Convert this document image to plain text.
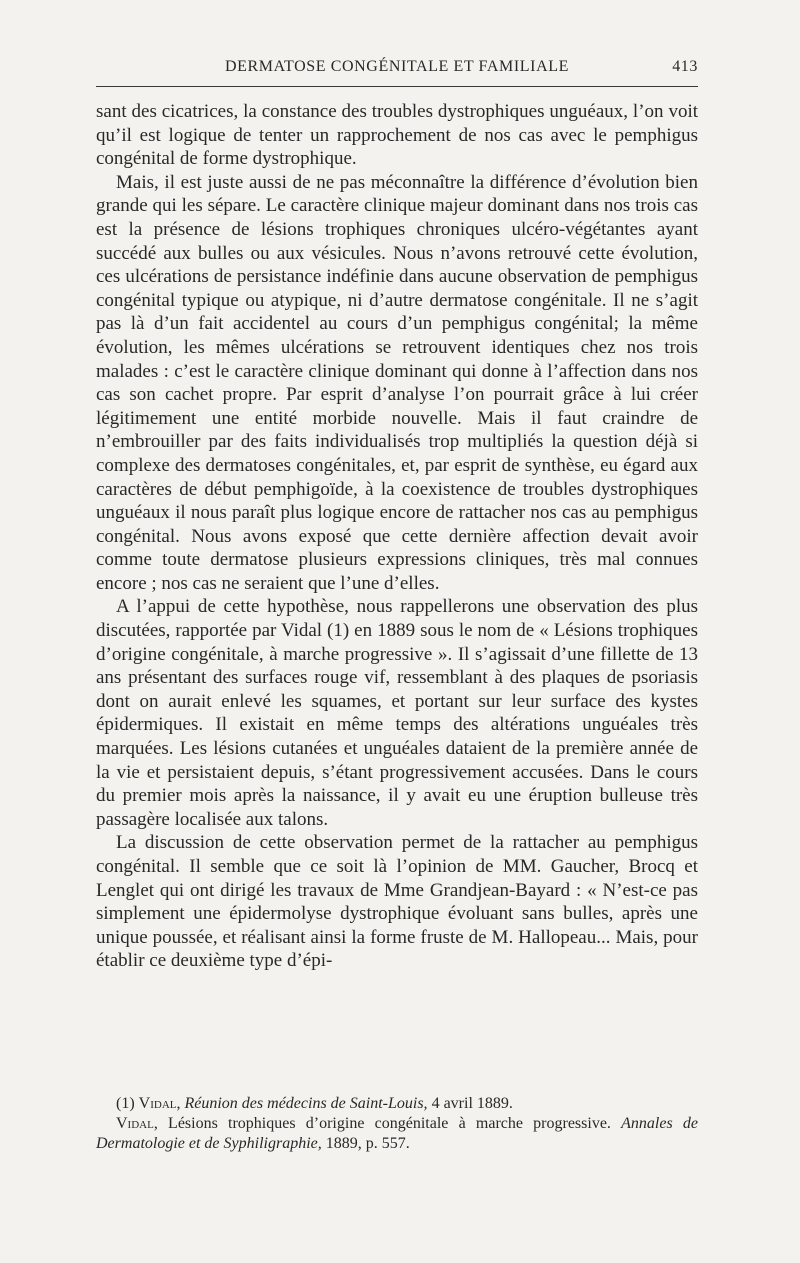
DERMATOSE CONGÉNITALE ET FAMILIALE	413

sant des cicatrices, la constance des troubles dystrophiques unguéaux, l’on voit qu’il est logique de tenter un rapprochement de nos cas avec le pemphigus congénital de forme dystrophique.

Mais, il est juste aussi de ne pas méconnaître la différence d’évolution bien grande qui les sépare. Le caractère clinique majeur dominant dans nos trois cas est la présence de lésions trophiques chroniques ulcéro-végétantes ayant succédé aux bulles ou aux vésicules. Nous n’avons retrouvé cette évolution, ces ulcérations de persistance indéfinie dans aucune observation de pemphigus congénital typique ou atypique, ni d’autre dermatose congénitale. Il ne s’agit pas là d’un fait accidentel au cours d’un pemphigus congénital; la même évolution, les mêmes ulcérations se retrouvent identiques chez nos trois malades : c’est le caractère clinique dominant qui donne à l’affection dans nos cas son cachet propre. Par esprit d’analyse l’on pourrait grâce à lui créer légitimement une entité morbide nouvelle. Mais il faut craindre de n’embrouiller par des faits individualisés trop multipliés la question déjà si complexe des dermatoses congénitales, et, par esprit de synthèse, eu égard aux caractères de début pemphigoïde, à la coexistence de troubles dystrophiques unguéaux il nous paraît plus logique encore de rattacher nos cas au pemphigus congénital. Nous avons exposé que cette dernière affection devait avoir comme toute dermatose plusieurs expressions cliniques, très mal connues encore ; nos cas ne seraient que l’une d’elles.

A l’appui de cette hypothèse, nous rappellerons une observation des plus discutées, rapportée par Vidal (1) en 1889 sous le nom de « Lésions trophiques d’origine congénitale, à marche progressive ». Il s’agissait d’une fillette de 13 ans présentant des surfaces rouge vif, ressemblant à des plaques de psoriasis dont on aurait enlevé les squames, et portant sur leur surface des kystes épidermiques. Il existait en même temps des altérations unguéales très marquées. Les lésions cutanées et unguéales dataient de la première année de la vie et persistaient depuis, s’étant progressivement accusées. Dans le cours du premier mois après la naissance, il y avait eu une éruption bulleuse très passagère localisée aux talons.

La discussion de cette observation permet de la rattacher au pemphigus congénital. Il semble que ce soit là l’opinion de MM. Gaucher, Brocq et Lenglet qui ont dirigé les travaux de Mme Grandjean-Bayard : « N’est-ce pas simplement une épidermolyse dystrophique évoluant sans bulles, après une unique poussée, et réalisant ainsi la forme fruste de M. Hallopeau... Mais, pour établir ce deuxième type d’épi-

(1) Vidal, Réunion des médecins de Saint-Louis, 4 avril 1889.

Vidal, Lésions trophiques d’origine congénitale à marche progressive. Annales de Dermatologie et de Syphiligraphie, 1889, p. 557.
